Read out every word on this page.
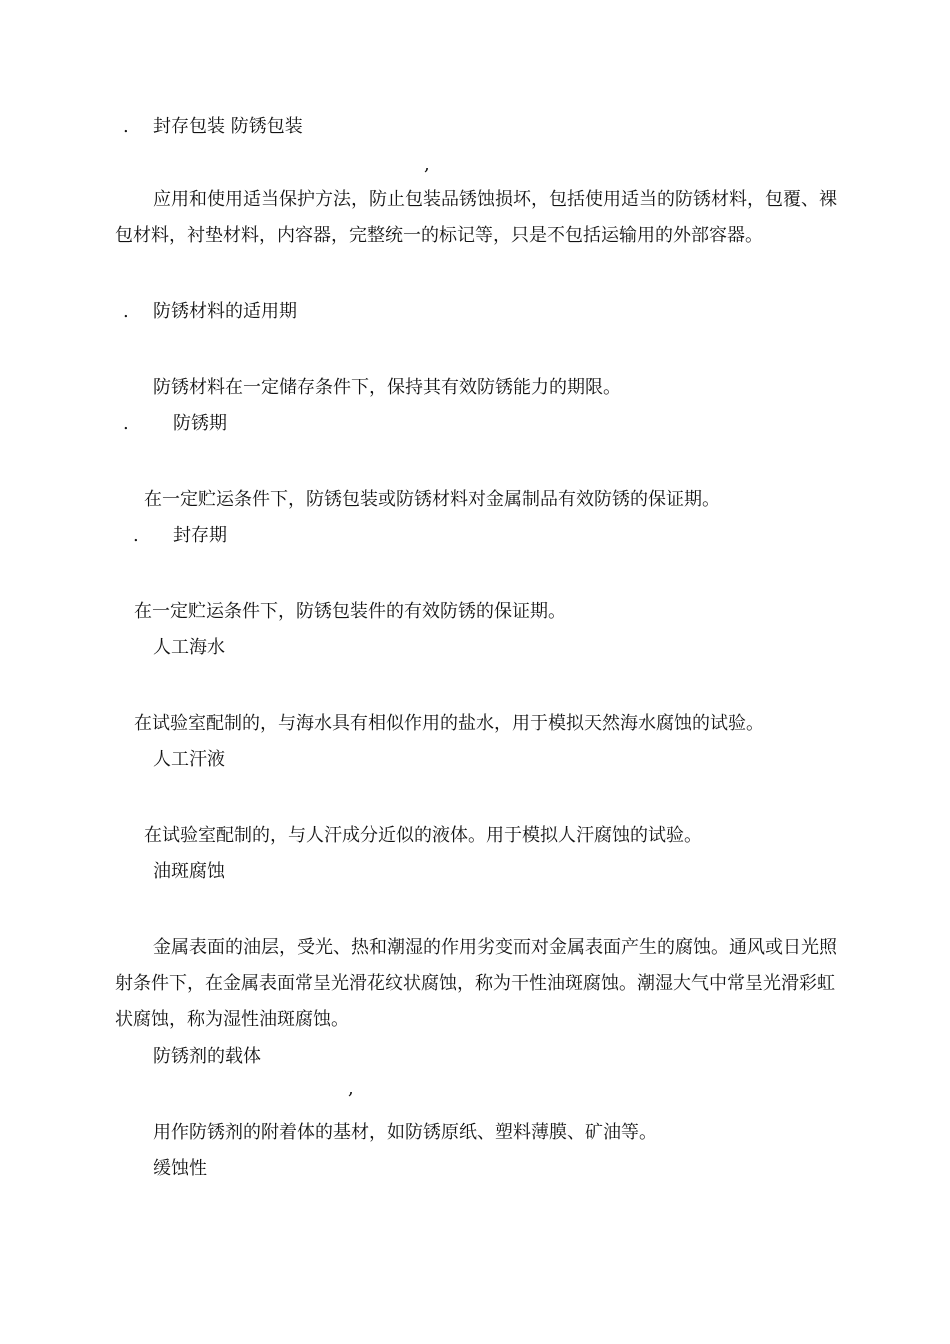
. 封存包装 防锈包装
,
应用和使用适当保护方法，防止包装品锈蚀损坏，包括使用适当的防锈材料，包覆、裸包材料，衬垫材料，内容器，完整统一的标记等，只是不包括运输用的外部容器。
. 防锈材料的适用期
防锈材料在一定储存条件下，保持其有效防锈能力的期限。
. 防锈期
在一定贮运条件下，防锈包装或防锈材料对金属制品有效防锈的保证期。
. 封存期
在一定贮运条件下，防锈包装件的有效防锈的保证期。
人工海水
在试验室配制的，与海水具有相似作用的盐水，用于模拟天然海水腐蚀的试验。
人工汗液
在试验室配制的，与人汗成分近似的液体。用于模拟人汗腐蚀的试验。
油斑腐蚀
金属表面的油层，受光、热和潮湿的作用劣变而对金属表面产生的腐蚀。通风或日光照射条件下，在金属表面常呈光滑花纹状腐蚀，称为干性油斑腐蚀。潮湿大气中常呈光滑彩虹状腐蚀，称为湿性油斑腐蚀。
防锈剂的载体
,
用作防锈剂的附着体的基材，如防锈原纸、塑料薄膜、矿油等。
缓蚀性
